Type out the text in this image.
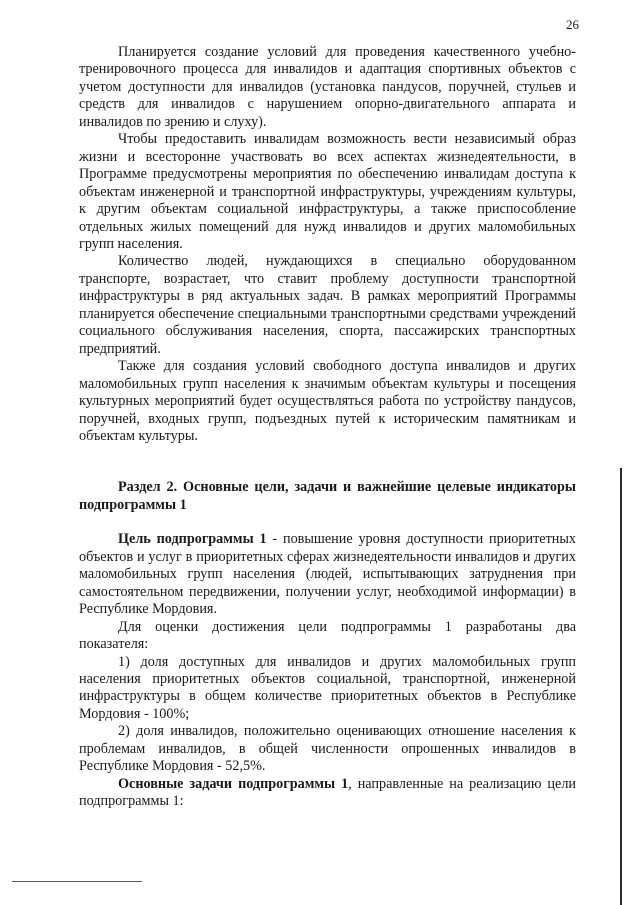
26

Планируется создание условий для проведения качественного учебно-тренировочного процесса для инвалидов и адаптация спортивных объектов с учетом доступности для инвалидов (установка пандусов, поручней, стульев и средств для инвалидов с нарушением опорно-двигательного аппарата и инвалидов по зрению и слуху).

Чтобы предоставить инвалидам возможность вести независимый образ жизни и всесторонне участвовать во всех аспектах жизнедеятельности, в Программе предусмотрены мероприятия по обеспечению инвалидам доступа к объектам инженерной и транспортной инфраструктуры, учреждениям культуры, к другим объектам социальной инфраструктуры, а также приспособление отдельных жилых помещений для нужд инвалидов и других маломобильных групп населения.

Количество людей, нуждающихся в специально оборудованном транспорте, возрастает, что ставит проблему доступности транспортной инфраструктуры в ряд актуальных задач. В рамках мероприятий Программы планируется обеспечение специальными транспортными средствами учреждений социального обслуживания населения, спорта, пассажирских транспортных предприятий.

Также для создания условий свободного доступа инвалидов и других маломобильных групп населения к значимым объектам культуры и посещения культурных мероприятий будет осуществляться работа по устройству пандусов, поручней, входных групп, подъездных путей к историческим памятникам и объектам культуры.

Раздел 2. Основные цели, задачи и важнейшие целевые индикаторы подпрограммы 1

Цель подпрограммы 1 - повышение уровня доступности приоритетных объектов и услуг в приоритетных сферах жизнедеятельности инвалидов и других маломобильных групп населения (людей, испытывающих затруднения при самостоятельном передвижении, получении услуг, необходимой информации) в Республике Мордовия.

Для оценки достижения цели подпрограммы 1 разработаны два показателя:

1) доля доступных для инвалидов и других маломобильных групп населения приоритетных объектов социальной, транспортной, инженерной инфраструктуры в общем количестве приоритетных объектов в Республике Мордовия - 100%;

2) доля инвалидов, положительно оценивающих отношение населения к проблемам инвалидов, в общей численности опрошенных инвалидов в Республике Мордовия - 52,5%.

Основные задачи подпрограммы 1, направленные на реализацию цели подпрограммы 1:
